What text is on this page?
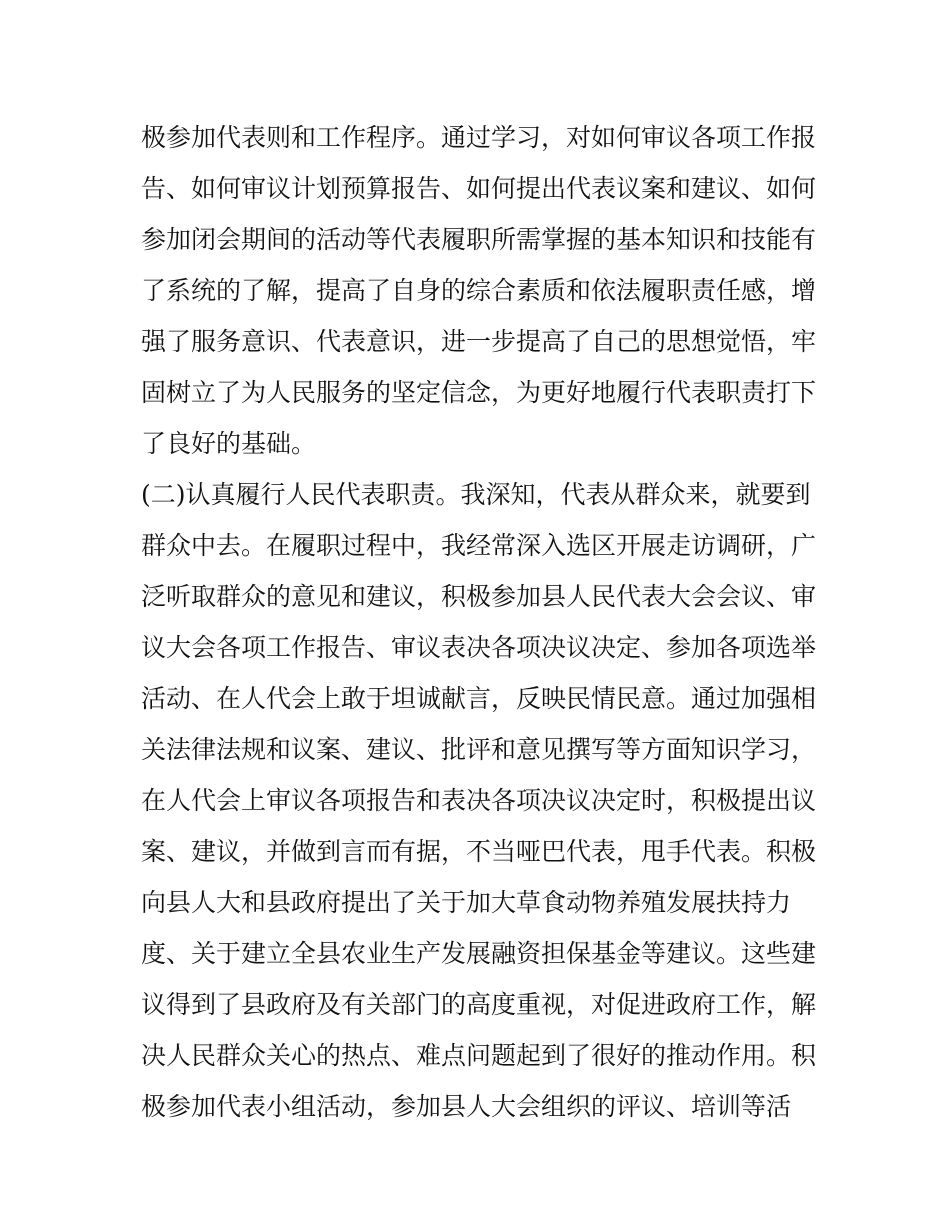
极参加代表则和工作程序。通过学习，对如何审议各项工作报
告、如何审议计划预算报告、如何提出代表议案和建议、如何
参加闭会期间的活动等代表履职所需掌握的基本知识和技能有
了系统的了解，提高了自身的综合素质和依法履职责任感，增
强了服务意识、代表意识，进一步提高了自己的思想觉悟，牢
固树立了为人民服务的坚定信念，为更好地履行代表职责打下
了良好的基础。
(二)认真履行人民代表职责。我深知，代表从群众来，就要到
群众中去。在履职过程中，我经常深入选区开展走访调研，广
泛听取群众的意见和建议，积极参加县人民代表大会会议、审
议大会各项工作报告、审议表决各项决议决定、参加各项选举
活动、在人代会上敢于坦诚献言，反映民情民意。通过加强相
关法律法规和议案、建议、批评和意见撰写等方面知识学习，
在人代会上审议各项报告和表决各项决议决定时，积极提出议
案、建议，并做到言而有据，不当哑巴代表，甩手代表。积极
向县人大和县政府提出了关于加大草食动物养殖发展扶持力
度、关于建立全县农业生产发展融资担保基金等建议。这些建
议得到了县政府及有关部门的高度重视，对促进政府工作，解
决人民群众关心的热点、难点问题起到了很好的推动作用。积
极参加代表小组活动，参加县人大会组织的评议、培训等活
